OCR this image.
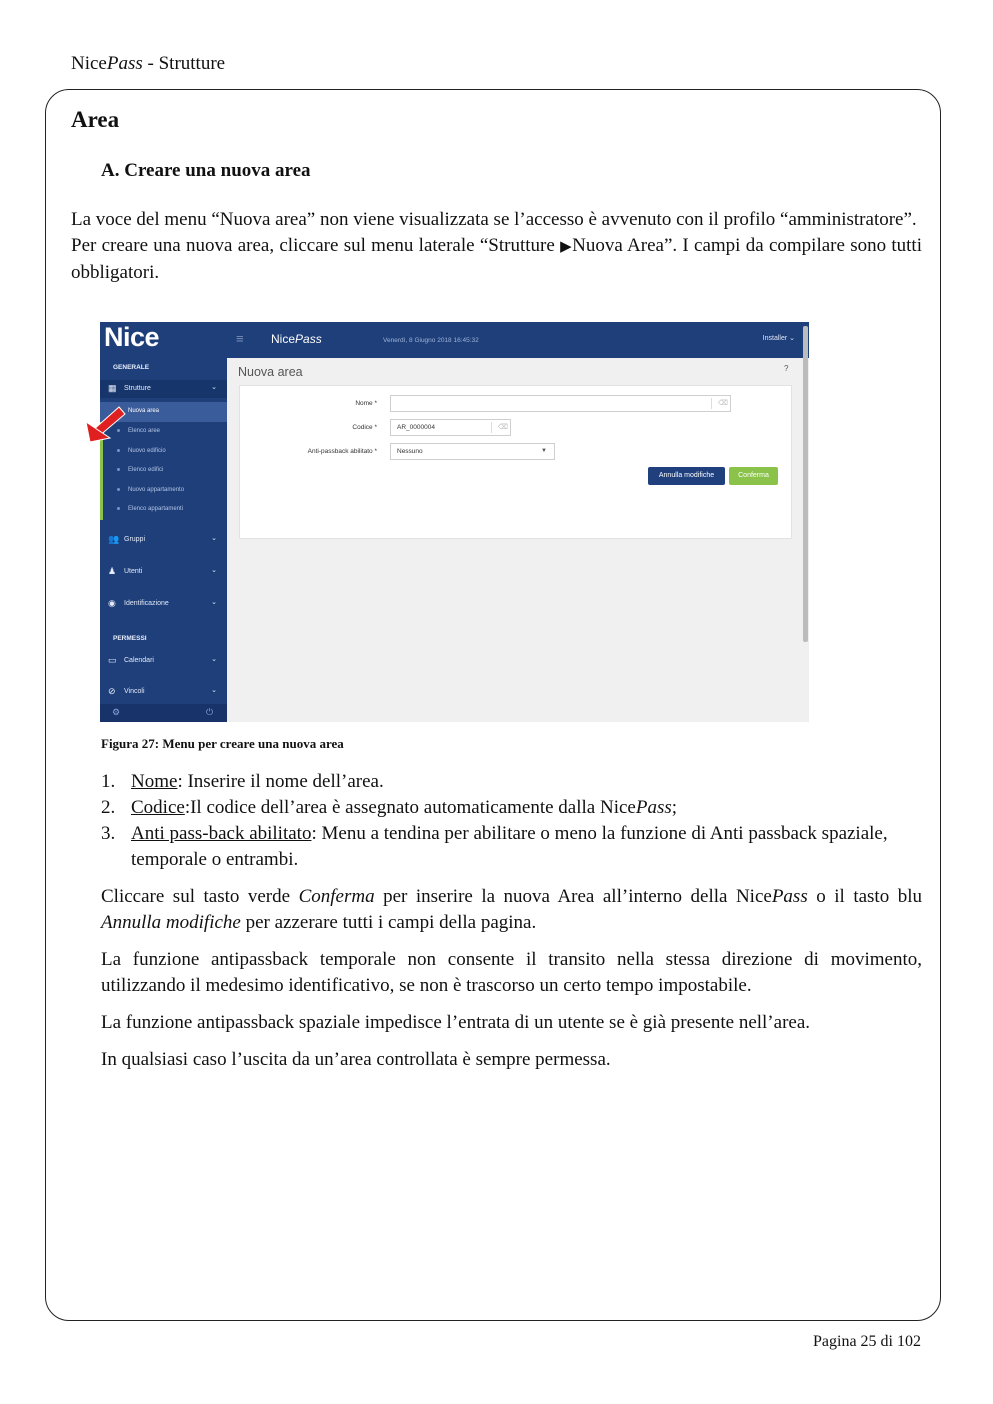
NicePass - Strutture
Area
A. Creare una nuova area

La voce del menu “Nuova area” non viene visualizzata se l’accesso è avvenuto con il profilo “amministratore”.

Per creare una nuova area, cliccare sul menu laterale “Strutture ▶Nuova Area”. I campi da compilare sono tutti obbligatori.

Nice
GENERALE
▦ Strutture	⌄
Nuova area
Elenco aree
Nuovo edificio
Elenco edifici
Nuovo appartamento
Elenco appartamenti
👥 Gruppi	⌄
♟ Utenti	⌄
◉ Identificazione	⌄
PERMESSI
▭ Calendari	⌄
⊘ Vincoli	⌄
⚙	⏻
≡ NicePass	Venerdì, 8 Giugno 2018 16:45:32	Installer ⌄
Nuova area	?
Nome *	⌫
Codice *	AR_0000004	⌫
Anti-passback abilitato *	Nessuno	▼
Annulla modifiche	Conferma
Figura 27: Menu per creare una nuova area
1. Nome: Inserire il nome dell’area.
2. Codice:Il codice dell’area è assegnato automaticamente dalla NicePass;
3. Anti pass-back abilitato: Menu a tendina per abilitare o meno la funzione di Anti passback spaziale, temporale o entrambi.

Cliccare sul tasto verde Conferma per inserire la nuova Area all’interno della NicePass o il tasto blu Annulla modifiche per azzerare tutti i campi della pagina.

La funzione antipassback temporale non consente il transito nella stessa direzione di movimento, utilizzando il medesimo identificativo, se non è trascorso un certo tempo impostabile.

La funzione antipassback spaziale impedisce l’entrata di un utente se è già presente nell’area.

In qualsiasi caso l’uscita da un’area controllata è sempre permessa.

Pagina 25 di 102
